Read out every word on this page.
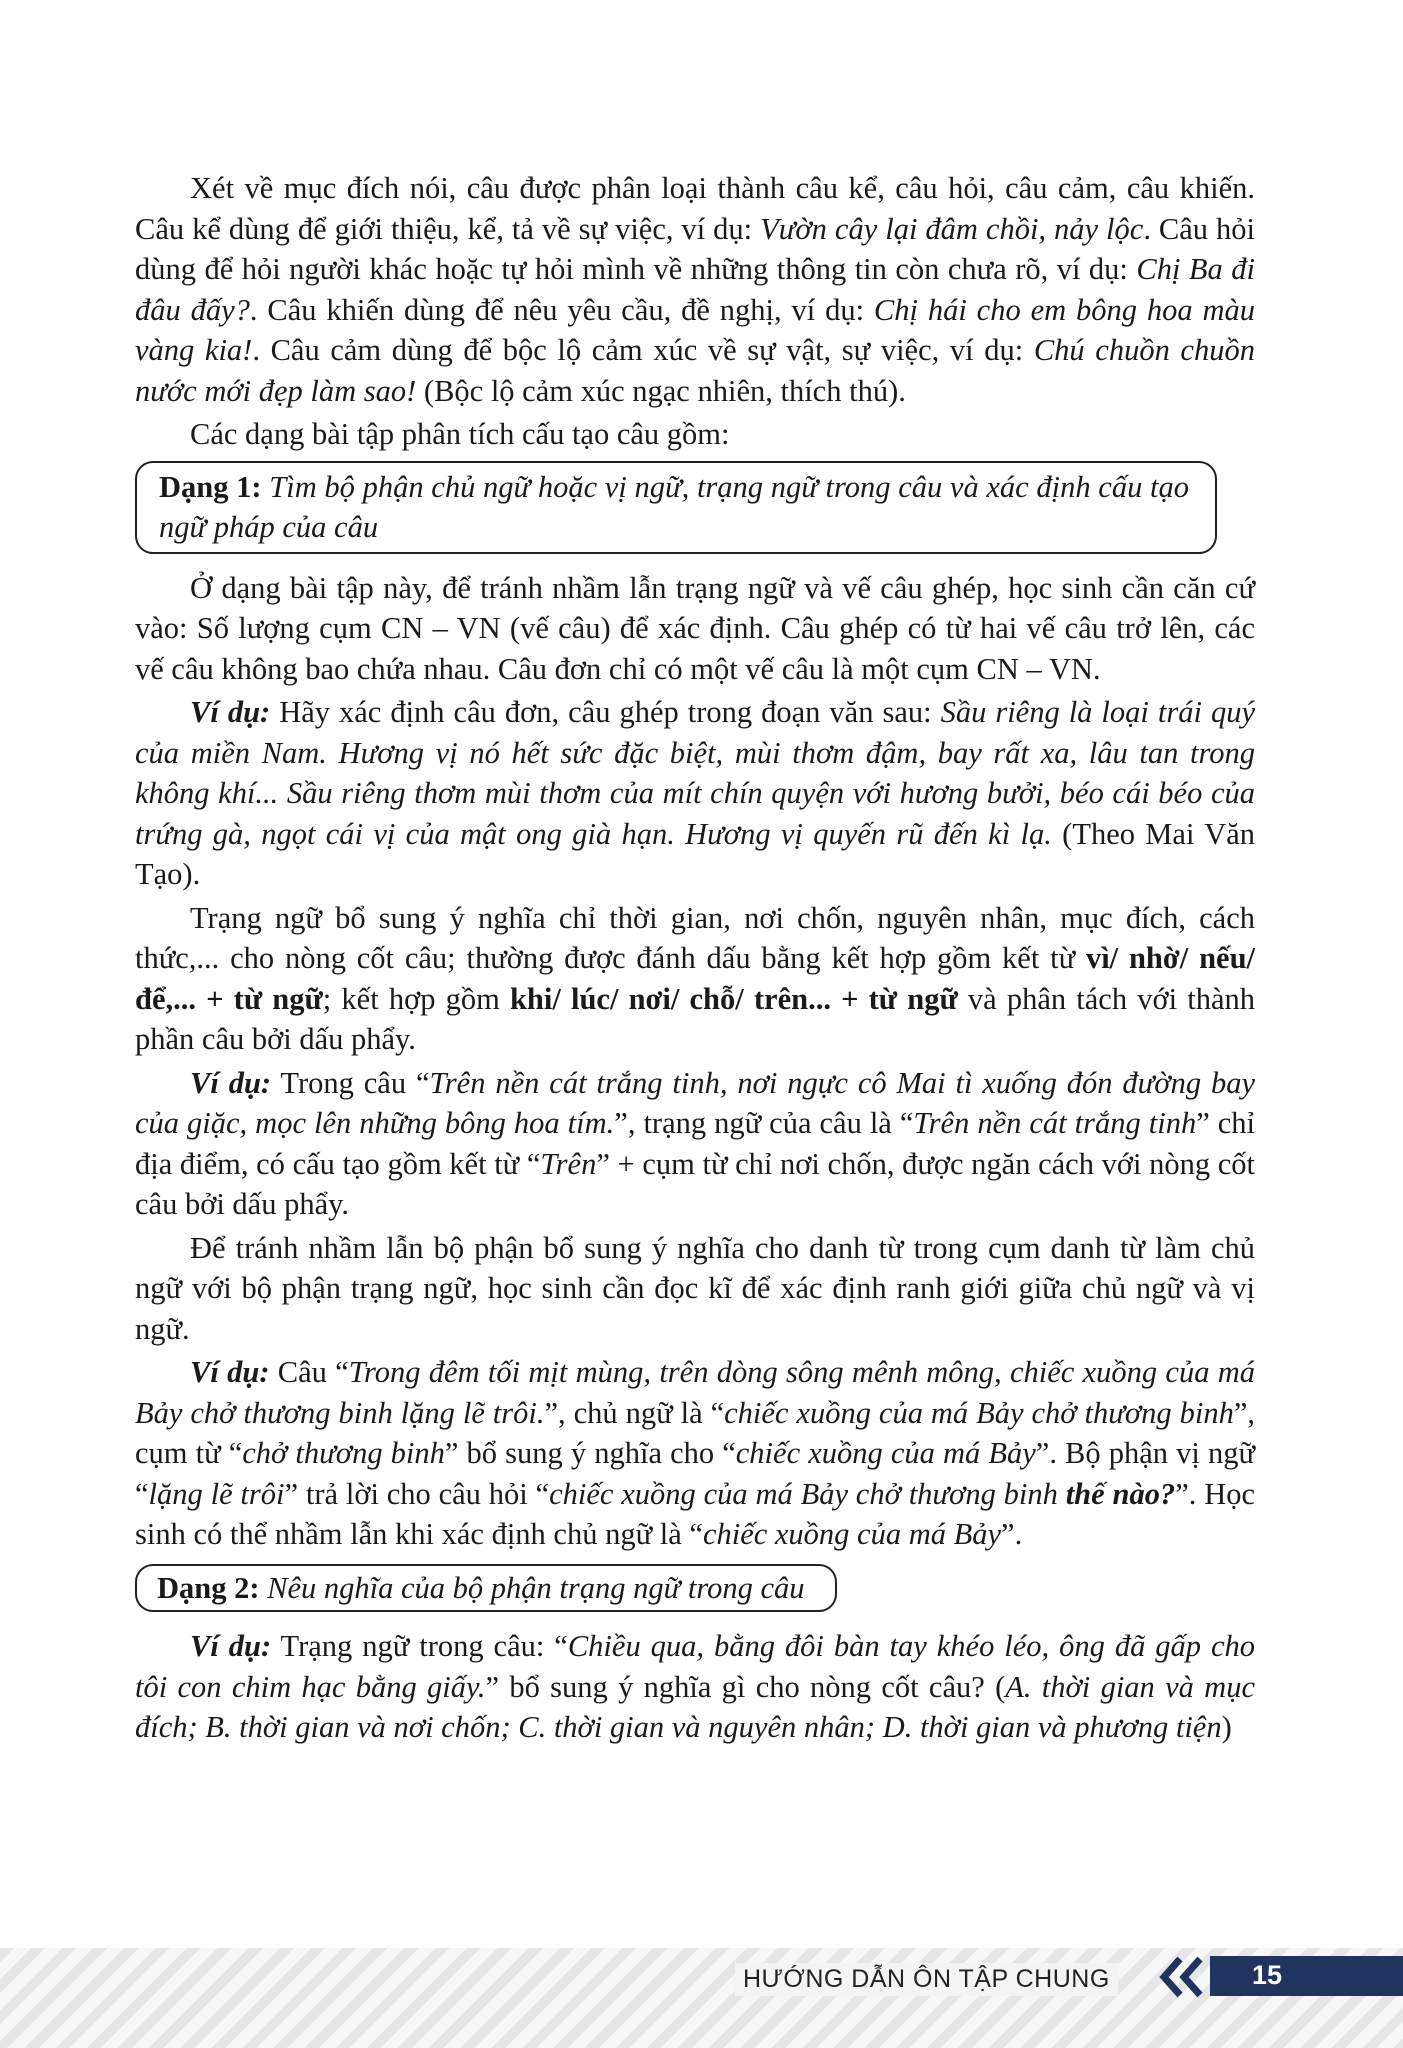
Xét về mục đích nói, câu được phân loại thành câu kể, câu hỏi, câu cảm, câu khiến. Câu kể dùng để giới thiệu, kể, tả về sự việc, ví dụ: Vườn cây lại đâm chồi, nảy lộc. Câu hỏi dùng để hỏi người khác hoặc tự hỏi mình về những thông tin còn chưa rõ, ví dụ: Chị Ba đi đâu đấy?. Câu khiến dùng để nêu yêu cầu, đề nghị, ví dụ: Chị hái cho em bông hoa màu vàng kia!. Câu cảm dùng để bộc lộ cảm xúc về sự vật, sự việc, ví dụ: Chú chuồn chuồn nước mới đẹp làm sao! (Bộc lộ cảm xúc ngạc nhiên, thích thú).

Các dạng bài tập phân tích cấu tạo câu gồm:

Dạng 1: Tìm bộ phận chủ ngữ hoặc vị ngữ, trạng ngữ trong câu và xác định cấu tạo ngữ pháp của câu

Ở dạng bài tập này, để tránh nhầm lẫn trạng ngữ và vế câu ghép, học sinh cần căn cứ vào: Số lượng cụm CN – VN (vế câu) để xác định. Câu ghép có từ hai vế câu trở lên, các vế câu không bao chứa nhau. Câu đơn chỉ có một vế câu là một cụm CN – VN.

Ví dụ: Hãy xác định câu đơn, câu ghép trong đoạn văn sau: Sầu riêng là loại trái quý của miền Nam. Hương vị nó hết sức đặc biệt, mùi thơm đậm, bay rất xa, lâu tan trong không khí... Sầu riêng thơm mùi thơm của mít chín quyện với hương bưởi, béo cái béo của trứng gà, ngọt cái vị của mật ong già hạn. Hương vị quyến rũ đến kì lạ. (Theo Mai Văn Tạo).

Trạng ngữ bổ sung ý nghĩa chỉ thời gian, nơi chốn, nguyên nhân, mục đích, cách thức,... cho nòng cốt câu; thường được đánh dấu bằng kết hợp gồm kết từ vì/ nhờ/ nếu/ để,... + từ ngữ; kết hợp gồm khi/ lúc/ nơi/ chỗ/ trên... + từ ngữ và phân tách với thành phần câu bởi dấu phẩy.

Ví dụ: Trong câu “Trên nền cát trắng tinh, nơi ngực cô Mai tì xuống đón đường bay của giặc, mọc lên những bông hoa tím.”, trạng ngữ của câu là “Trên nền cát trắng tinh” chỉ địa điểm, có cấu tạo gồm kết từ “Trên” + cụm từ chỉ nơi chốn, được ngăn cách với nòng cốt câu bởi dấu phẩy.

Để tránh nhầm lẫn bộ phận bổ sung ý nghĩa cho danh từ trong cụm danh từ làm chủ ngữ với bộ phận trạng ngữ, học sinh cần đọc kĩ để xác định ranh giới giữa chủ ngữ và vị ngữ.

Ví dụ: Câu “Trong đêm tối mịt mùng, trên dòng sông mênh mông, chiếc xuồng của má Bảy chở thương binh lặng lẽ trôi.”, chủ ngữ là “chiếc xuồng của má Bảy chở thương binh”, cụm từ “chở thương binh” bổ sung ý nghĩa cho “chiếc xuồng của má Bảy”. Bộ phận vị ngữ “lặng lẽ trôi” trả lời cho câu hỏi “chiếc xuồng của má Bảy chở thương binh thế nào?”. Học sinh có thể nhầm lẫn khi xác định chủ ngữ là “chiếc xuồng của má Bảy”.

Dạng 2: Nêu nghĩa của bộ phận trạng ngữ trong câu

Ví dụ: Trạng ngữ trong câu: “Chiều qua, bằng đôi bàn tay khéo léo, ông đã gấp cho tôi con chim hạc bằng giấy.” bổ sung ý nghĩa gì cho nòng cốt câu? (A. thời gian và mục đích; B. thời gian và nơi chốn; C. thời gian và nguyên nhân; D. thời gian và phương tiện)

HƯỚNG DẪN ÔN TẬP CHUNG	15
